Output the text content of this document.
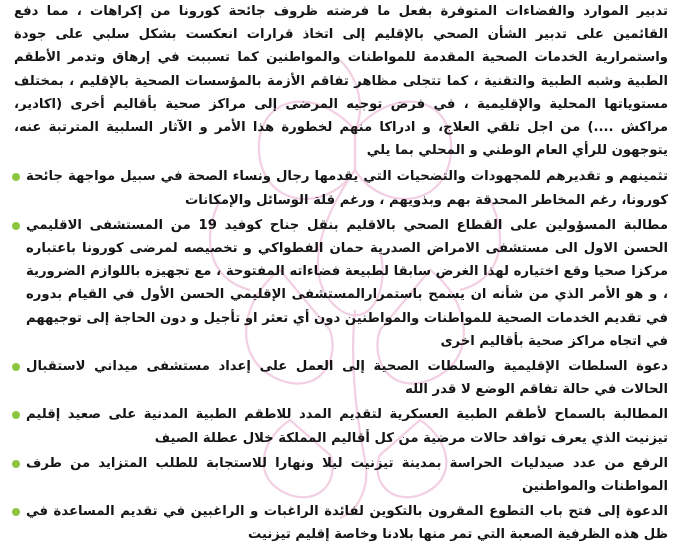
تدبير الموارد والفضاءات المتوفرة بفعل ما فرضته ظروف جائحة كورونا من إكراهات ، مما دفع القائمين على تدبير الشأن الصحي بالإقليم إلى اتخاذ قرارات انعكست بشكل سلبي على جودة واستمرارية الخدمات الصحية المقدمة للمواطنات والمواطنين كما تسببت في إرهاق وتدمر الأطقم الطبية وشبه الطبية والتقنية ، كما تتجلى مظاهر تفاقم الأزمة بالمؤسسات الصحية بالإقليم ، بمختلف مستوياتها المحلية والإقليمية ، في فرض توجيه المرضى إلى مراكز صحية بأقاليم أخرى (اكادير، مراكش ....) من اجل تلقي العلاج، و ادراكا منهم لخطورة هذا الأمر و الآثار السلبية المترتبة عنه، يتوجهون للرأي العام الوطني و المحلي بما يلي

تثمينهم و تقديرهم للمجهودات والتضحيات التي يقدمها رجال ونساء الصحة في سبيل مواجهة جائحة كورونا، رغم المخاطر المحدقة بهم وبذويهم ، ورغم قلة الوسائل والإمكانات
مطالبة المسؤولين على القطاع الصحي بالاقليم بنقل جناح كوفيد 19 من المستشفى الاقليمي الحسن الاول الى مستشفى الامراض الصدرية حمان الفطواكي و تخصيصه لمرضى كورونا باعتباره مركزا صحيا وقع اختياره لهذا الغرض سابقا لطبيعة فضاءاته المفتوحة ، مع تجهيزه باللوازم الضرورية ، و هو الأمر الذي من شأنه ان يسمح باستمرارالمستشفى الإقليمي الحسن الأول في القيام بدوره في تقديم الخدمات الصحية للمواطنات والمواطنين دون أي تعثر او تأجيل و دون الحاجة إلى توجيههم في اتجاه مراكز صحية بأقاليم اخرى
دعوة السلطات الإقليمية والسلطات الصحية إلى العمل على إعداد مستشفى ميداني لاستقبال الحالات في حالة تفاقم الوضع لا قدر الله
المطالبة بالسماح لأطقم الطبية العسكرية لتقديم المدد للاطقم الطبية المدنية على صعيد إقليم تيزنيت الذي يعرف توافد حالات مرضية من كل أقاليم المملكة خلال عطلة الصيف
الرفع من عدد صيدليات الحراسة بمدينة تيزنيت ليلا ونهارا للاستجابة للطلب المتزايد من طرف المواطنات والمواطنين
الدعوة إلى فتح باب التطوع المقرون بالتكوين لفائدة الراغبات و الراغبين في تقديم المساعدة في ظل هذه الظرفية الصعبة التي تمر منها بلادنا وخاصة إقليم تيزنيت
